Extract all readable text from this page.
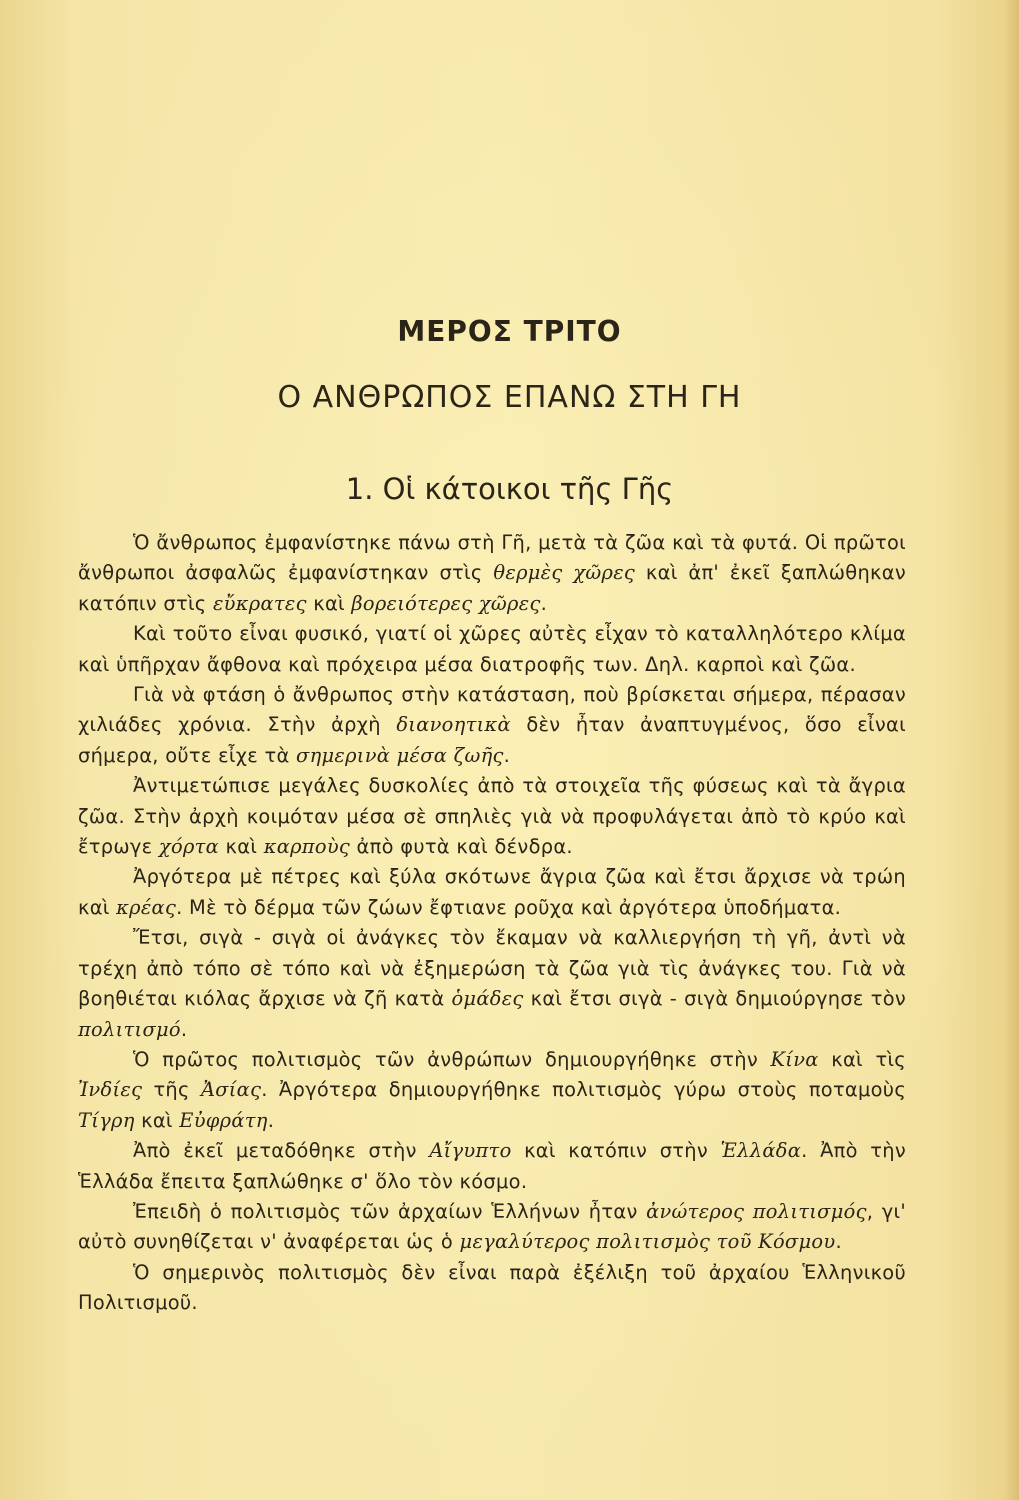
ΜΕΡΟΣ ΤΡΙΤΟ
Ο ΑΝΘΡΩΠΟΣ ΕΠΑΝΩ ΣΤΗ ΓΗ
1. Οἱ κάτοικοι τῆς Γῆς

Ὁ ἄνθρωπος ἐμφανίστηκε πάνω στὴ Γῆ, μετὰ τὰ ζῶα καὶ τὰ φυτά. Οἱ πρῶτοι ἄνθρωποι ἀσφαλῶς ἐμφανίστηκαν στὶς θερμὲς χῶρες καὶ ἀπ' ἐκεῖ ξαπλώθηκαν κατόπιν στὶς εὔκρατες καὶ βορειότερες χῶρες.

Καὶ τοῦτο εἶναι φυσικό, γιατί οἱ χῶρες αὐτὲς εἶχαν τὸ καταλληλότερο κλίμα καὶ ὑπῆρχαν ἄφθονα καὶ πρόχειρα μέσα διατροφῆς των. Δηλ. καρποὶ καὶ ζῶα.

Γιὰ νὰ φτάση ὁ ἄνθρωπος στὴν κατάσταση, ποὺ βρίσκεται σήμερα, πέρασαν χιλιάδες χρόνια. Στὴν ἀρχὴ διανοητικὰ δὲν ἦταν ἀναπτυγμένος, ὅσο εἶναι σήμερα, οὔτε εἶχε τὰ σημερινὰ μέσα ζωῆς.

Ἀντιμετώπισε μεγάλες δυσκολίες ἀπὸ τὰ στοιχεῖα τῆς φύσεως καὶ τὰ ἄγρια ζῶα. Στὴν ἀρχὴ κοιμόταν μέσα σὲ σπηλιὲς γιὰ νὰ προφυλάγεται ἀπὸ τὸ κρύο καὶ ἔτρωγε χόρτα καὶ καρποὺς ἀπὸ φυτὰ καὶ δένδρα.

Ἀργότερα μὲ πέτρες καὶ ξύλα σκότωνε ἄγρια ζῶα καὶ ἔτσι ἄρχισε νὰ τρώη καὶ κρέας. Μὲ τὸ δέρμα τῶν ζώων ἔφτιανε ροῦχα καὶ ἀργότερα ὑποδήματα.

Ἔτσι, σιγὰ - σιγὰ οἱ ἀνάγκες τὸν ἔκαμαν νὰ καλλιεργήση τὴ γῆ, ἀντὶ νὰ τρέχη ἀπὸ τόπο σὲ τόπο καὶ νὰ ἐξημερώση τὰ ζῶα γιὰ τὶς ἀνάγκες του. Γιὰ νὰ βοηθιέται κιόλας ἄρχισε νὰ ζῆ κατὰ ὁμάδες καὶ ἔτσι σιγὰ - σιγὰ δημιούργησε τὸν πολιτισμό.

Ὁ πρῶτος πολιτισμὸς τῶν ἀνθρώπων δημιουργήθηκε στὴν Κίνα καὶ τὶς Ἰνδίες τῆς Ἀσίας. Ἀργότερα δημιουργήθηκε πολιτισμὸς γύρω στοὺς ποταμοὺς Τίγρη καὶ Εὐφράτη.

Ἀπὸ ἐκεῖ μεταδόθηκε στὴν Αἴγυπτο καὶ κατόπιν στὴν Ἑλλάδα. Ἀπὸ τὴν Ἑλλάδα ἔπειτα ξαπλώθηκε σ' ὅλο τὸν κόσμο.

Ἐπειδὴ ὁ πολιτισμὸς τῶν ἀρχαίων Ἑλλήνων ἦταν ἀνώτερος πολιτισμός, γι' αὐτὸ συνηθίζεται ν' ἀναφέρεται ὡς ὁ μεγαλύτερος πολιτισμὸς τοῦ Κόσμου.

Ὁ σημερινὸς πολιτισμὸς δὲν εἶναι παρὰ ἐξέλιξη τοῦ ἀρχαίου Ἑλληνικοῦ Πολιτισμοῦ.
